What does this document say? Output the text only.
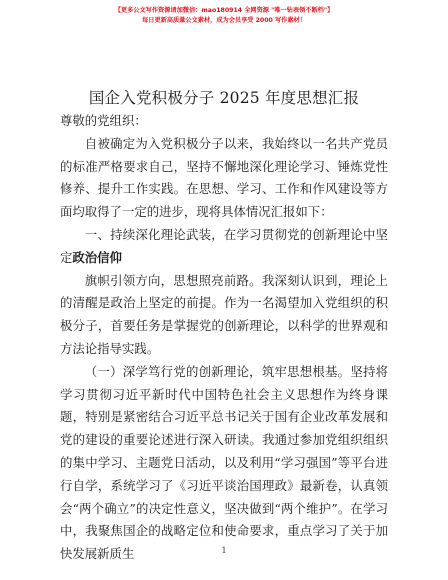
【更多公文写作资源请加微信：mao180914 全网资源 "唯一钻表领不断档"】
每日更新高质量公文素材，成为会员享受 2000 写作素材！
国企入党积极分子 2025 年度思想汇报

尊敬的党组织：

自被确定为入党积极分子以来，我始终以一名共产党员的标准严格要求自己，坚持不懈地深化理论学习、锤炼党性修养、提升工作实践。在思想、学习、工作和作风建设等方面均取得了一定的进步，现将具体情况汇报如下：

一、持续深化理论武装，在学习贯彻党的创新理论中坚定政治信仰

旗帜引领方向，思想照亮前路。我深刻认识到，理论上的清醒是政治上坚定的前提。作为一名渴望加入党组织的积极分子，首要任务是掌握党的创新理论，以科学的世界观和方法论指导实践。

（一）深学笃行党的创新理论，筑牢思想根基。坚持将学习贯彻习近平新时代中国特色社会主义思想作为终身课题，特别是紧密结合习近平总书记关于国有企业改革发展和党的建设的重要论述进行深入研读。我通过参加党组织组织的集中学习、主题党日活动，以及利用“学习强国”等平台进行自学，系统学习了《习近平谈治国理政》最新卷，认真领会“两个确立”的决定性意义，坚决做到“两个维护”。在学习中，我聚焦国企的战略定位和使命要求，重点学习了关于加快发展新质生	1
